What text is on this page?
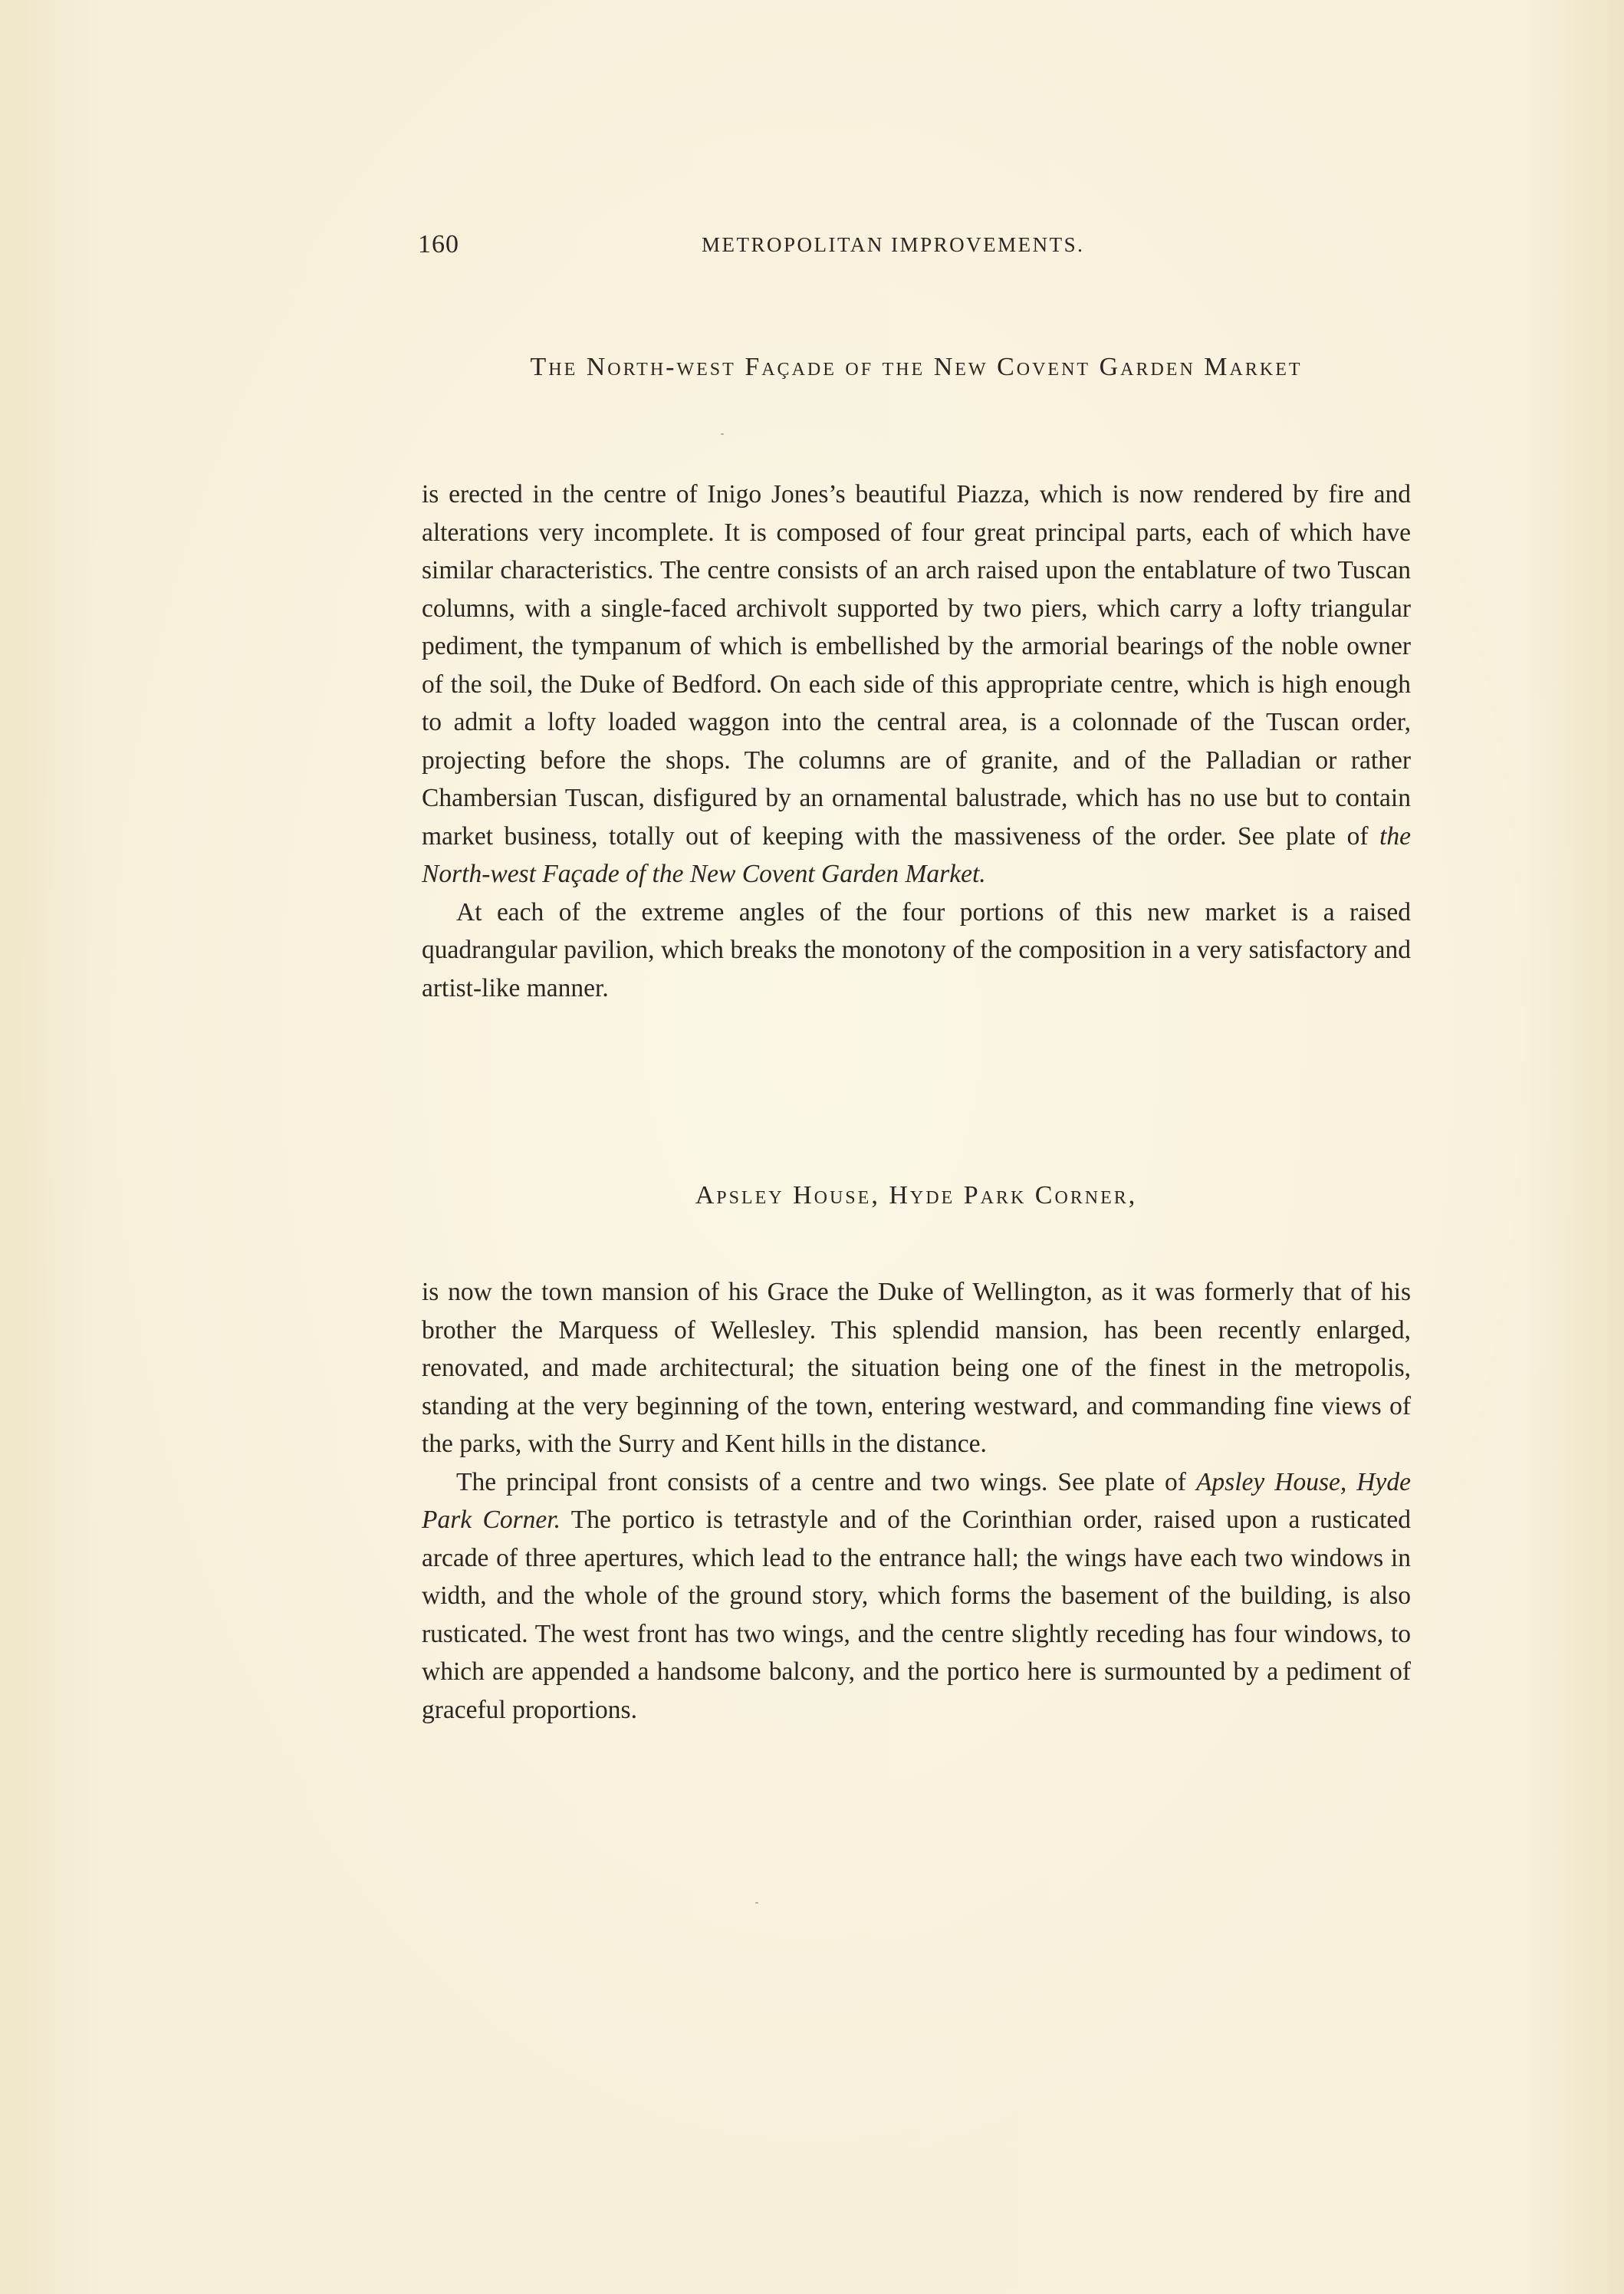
160	METROPOLITAN IMPROVEMENTS.
The North-west Façade of the New Covent Garden Market

is erected in the centre of Inigo Jones’s beautiful Piazza, which is now rendered by fire and alterations very incomplete. It is composed of four great principal parts, each of which have similar characteristics. The centre consists of an arch raised upon the entablature of two Tuscan columns, with a single-faced archivolt supported by two piers, which carry a lofty triangular pediment, the tympanum of which is embellished by the armorial bearings of the noble owner of the soil, the Duke of Bedford. On each side of this appropriate centre, which is high enough to admit a lofty loaded waggon into the central area, is a colonnade of the Tuscan order, projecting before the shops. The columns are of granite, and of the Palladian or rather Chambersian Tuscan, disfigured by an ornamental balustrade, which has no use but to contain market business, totally out of keeping with the massiveness of the order. See plate of the North-west Façade of the New Covent Garden Market.

At each of the extreme angles of the four portions of this new market is a raised quadrangular pavilion, which breaks the monotony of the composition in a very satisfactory and artist-like manner.

Apsley House, Hyde Park Corner,

is now the town mansion of his Grace the Duke of Wellington, as it was formerly that of his brother the Marquess of Wellesley. This splendid mansion, has been recently enlarged, renovated, and made architectural; the situation being one of the finest in the metropolis, standing at the very beginning of the town, entering westward, and commanding fine views of the parks, with the Surry and Kent hills in the distance.

The principal front consists of a centre and two wings. See plate of Apsley House, Hyde Park Corner. The portico is tetrastyle and of the Corinthian order, raised upon a rusticated arcade of three apertures, which lead to the entrance hall; the wings have each two windows in width, and the whole of the ground story, which forms the basement of the building, is also rusticated. The west front has two wings, and the centre slightly receding has four windows, to which are appended a handsome balcony, and the portico here is surmounted by a pediment of graceful proportions.
